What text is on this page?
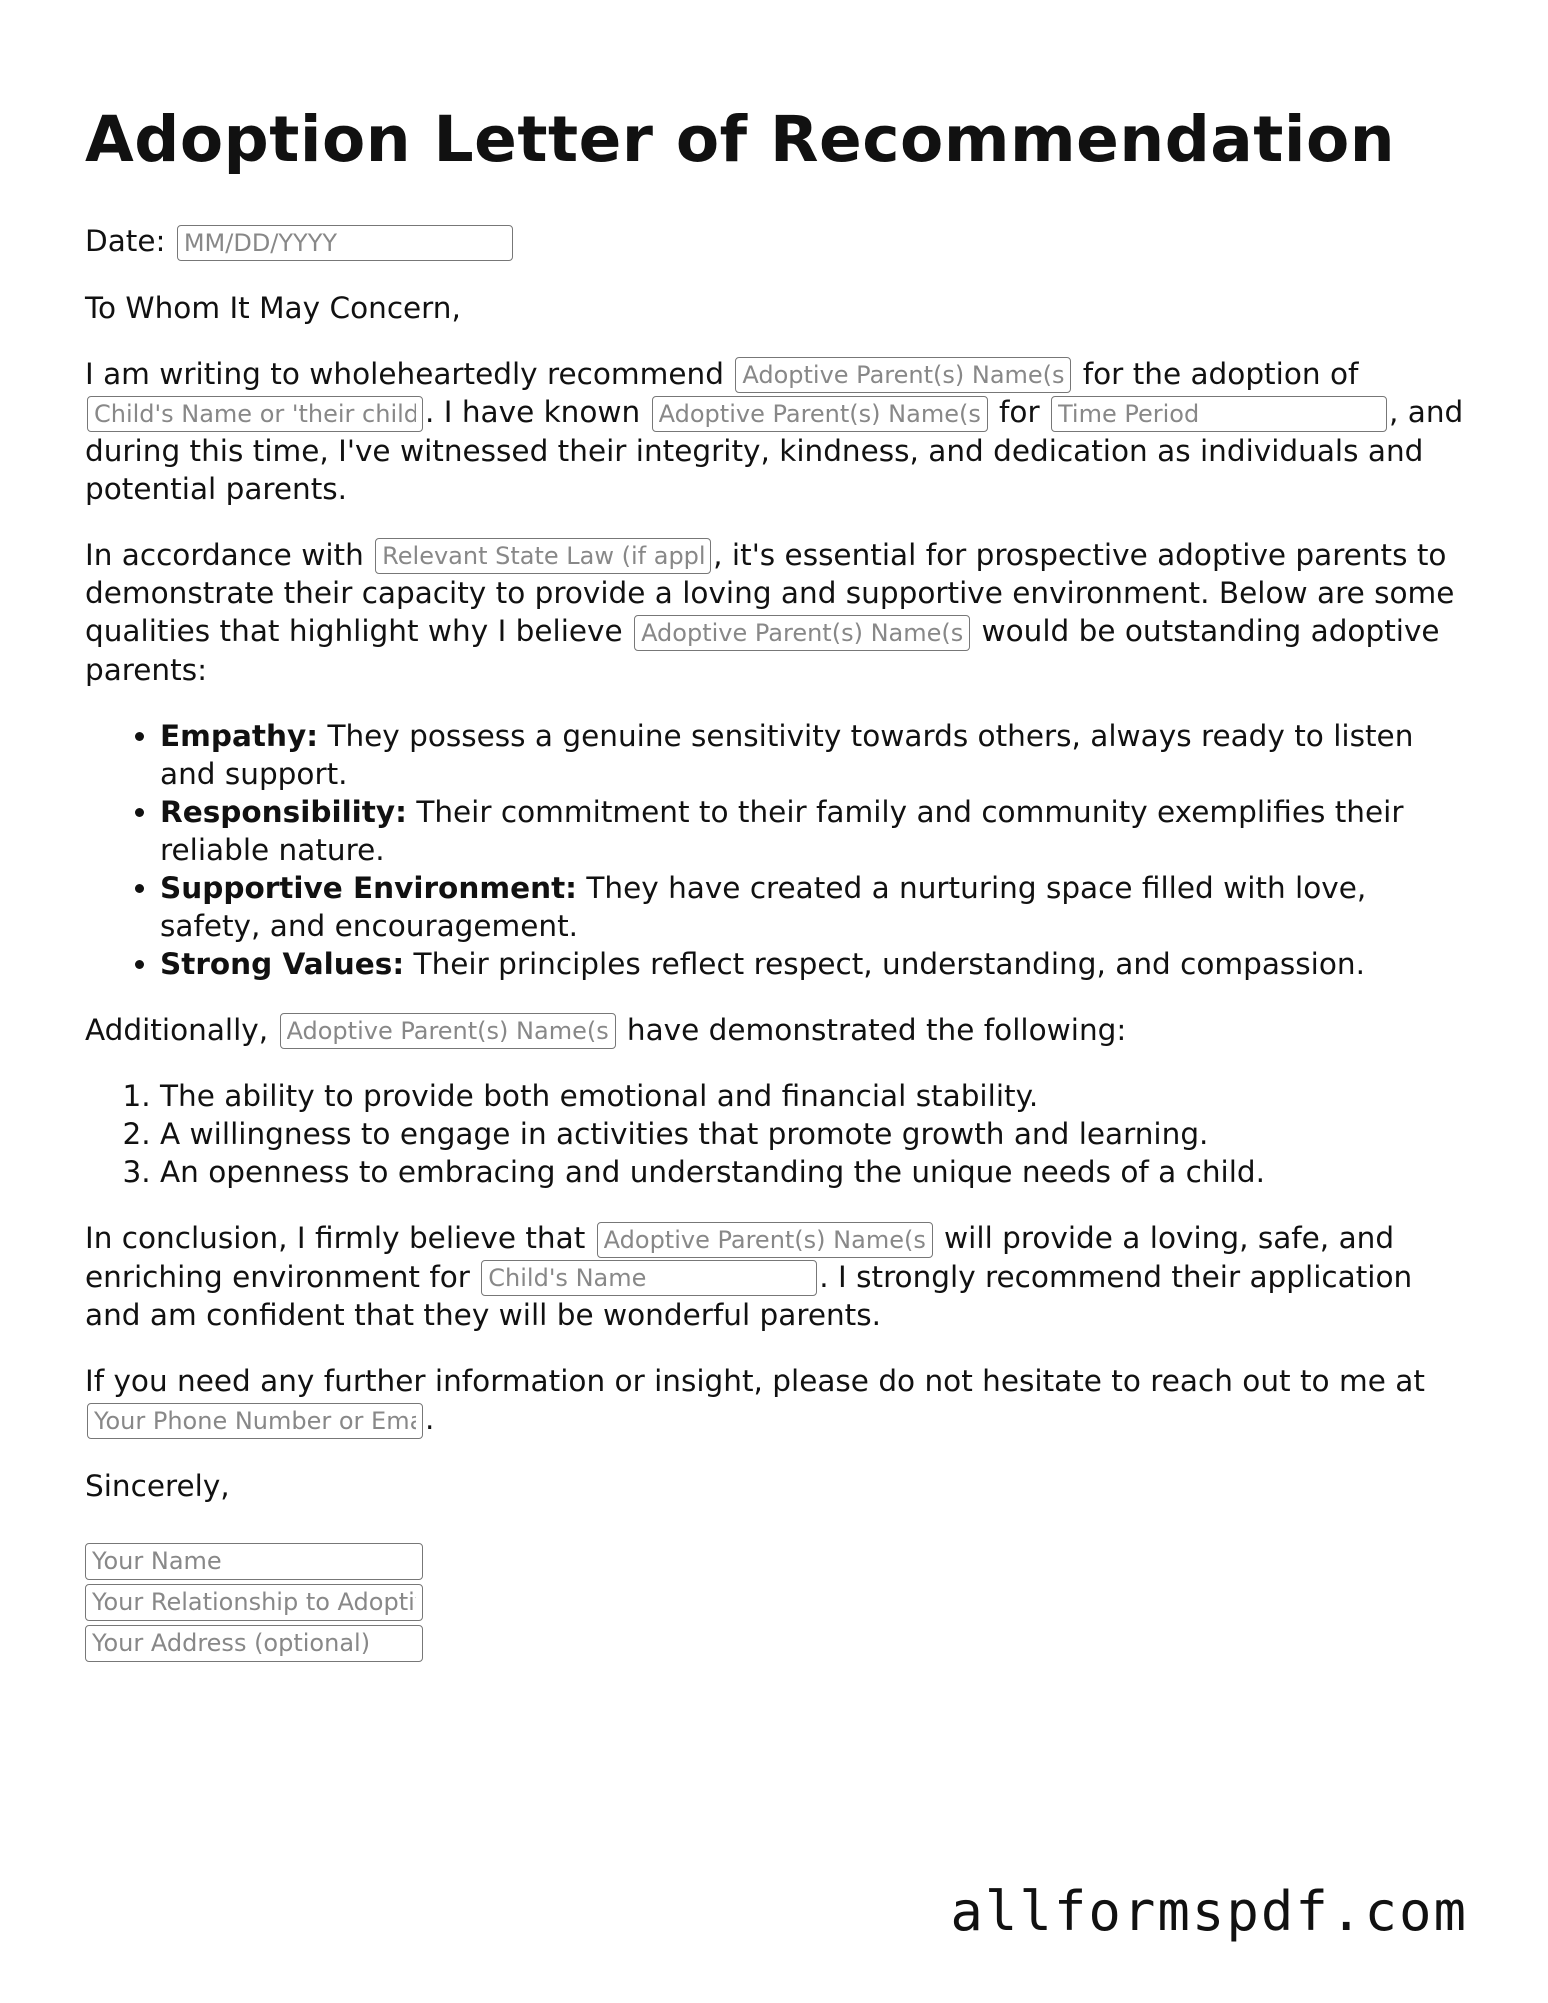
Adoption Letter of Recommendation

Date: MM/DD/YYYY

To Whom It May Concern,

I am writing to wholeheartedly recommend Adoptive Parent(s) Name(s)	for the adoption of Child's Name or 'their child'. I have known Adoptive Parent(s) Name(s)	for Time Period	, and during this time, I've witnessed their integrity, kindness, and dedication as individuals and potential parents.

In accordance with Relevant State Law (if applicable)	, it's essential for prospective adoptive parents to demonstrate their capacity to provide a loving and supportive environment. Below are some qualities that highlight why I believe Adoptive Parent(s) Name(s)	would be outstanding adoptive parents:

• Empathy: They possess a genuine sensitivity towards others, always ready to listen and support.
• Responsibility: Their commitment to their family and community exemplifies their reliable nature.
• Supportive Environment: They have created a nurturing space filled with love, safety, and encouragement.
• Strong Values: Their principles reflect respect, understanding, and compassion.

Additionally, Adoptive Parent(s) Name(s)	have demonstrated the following:

1. The ability to provide both emotional and financial stability.
2. A willingness to engage in activities that promote growth and learning.
3. An openness to embracing and understanding the unique needs of a child.

In conclusion, I firmly believe that Adoptive Parent(s) Name(s)	will provide a loving, safe, and enriching environment for Child's Name	. I strongly recommend their application and am confident that they will be wonderful parents.

If you need any further information or insight, please do not hesitate to reach out to me at Your Phone Number or Email.

Sincerely,

Your Name
Your Relationship to Adoptive Parents
Your Address (optional)
allformspdf.com
